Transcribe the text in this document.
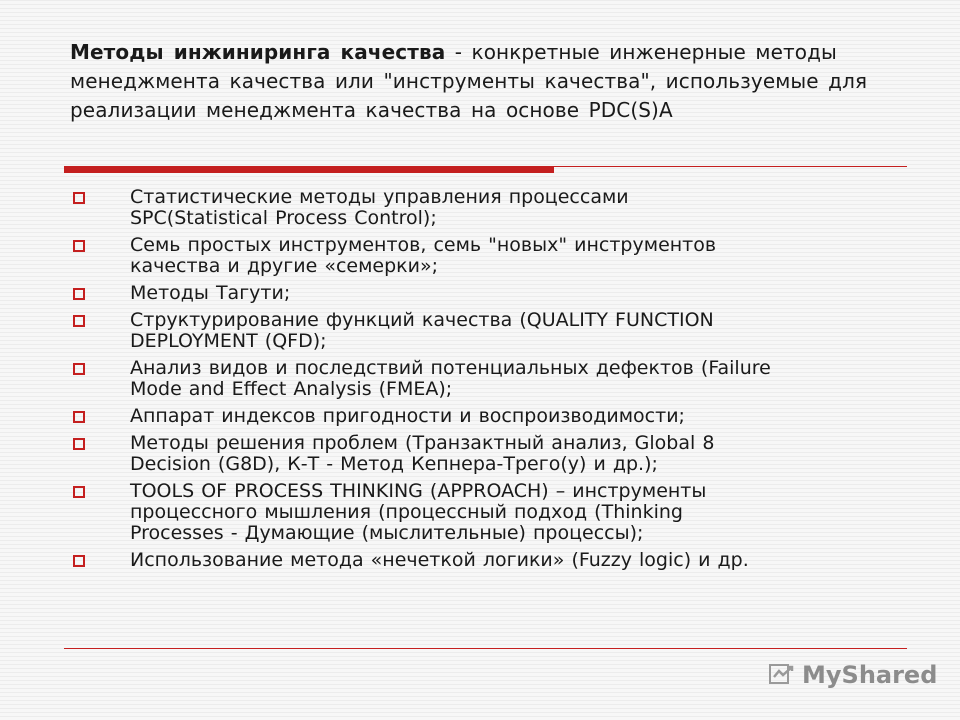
Методы инжиниринга качества - конкретные инженерные методы менеджмента качества или "инструменты качества", используемые для реализации менеджмента качества на основе PDC(S)A
Статистические методы управления процессами
SPC(Statistical Process Control);
Семь простых инструментов, семь "новых" инструментов
качества и другие «семерки»;
Методы Тагути;
Структурирование функций качества (QUALITY FUNCTION
DEPLOYMENT (QFD);
Анализ видов и последствий потенциальных дефектов (Failure
Mode and Effect Analysis (FMEA);
Аппарат индексов пригодности и воспроизводимости;
Методы решения проблем (Транзактный анализ, Global 8
Decision (G8D), К-Т - Метод Кепнера-Трего(у) и др.);
TOOLS OF PROCESS THINKING (APPROACH) – инструменты
процессного мышления (процессный подход (Thinking
Processes - Думающие (мыслительные) процессы);
Использование метода «нечеткой логики» (Fuzzy logic) и др.
MyShared
